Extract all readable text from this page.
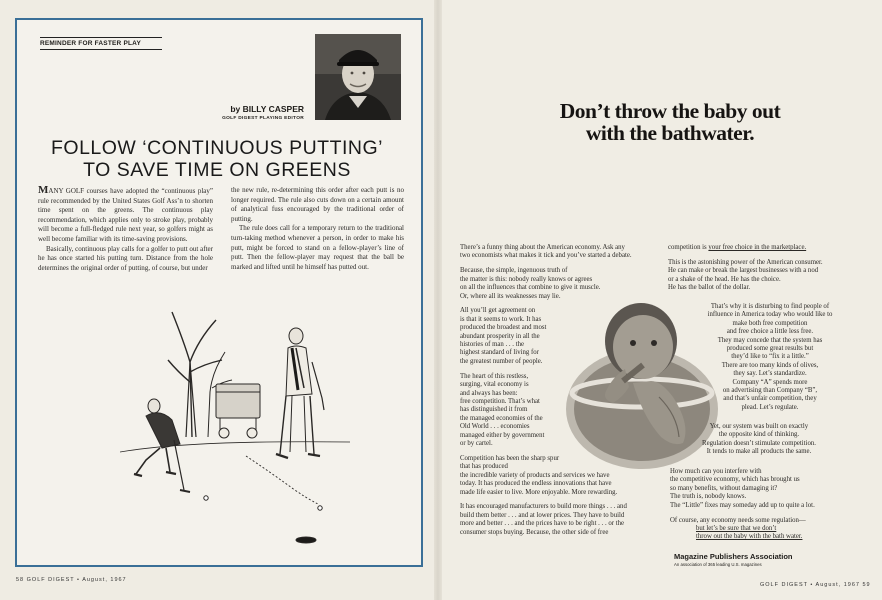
REMINDER FOR FASTER PLAY
by BILLY CASPER
GOLF DIGEST PLAYING EDITOR
FOLLOW ‘CONTINUOUS PUTTING’
TO SAVE TIME ON GREENS

MANY GOLF courses have adopted the “continuous play” rule recommended by the United States Golf Ass’n to shorten time spent on the greens. The continuous play recommendation, which applies only to stroke play, probably will become a full-fledged rule next year, so golfers might as well become familiar with its time-saving provisions.

Basically, continuous play calls for a golfer to putt out after he has once started his putting turn. Distance from the hole determines the original order of putting, of course, but under

the new rule, re-determining this order after each putt is no longer required. The rule also cuts down on a certain amount of analytical fuss encouraged by the traditional order of putting.

The rule does call for a temporary return to the traditional turn-taking method whenever a person, in order to make his putt, might be forced to stand on a fellow-player’s line of putt. Then the fellow-player may request that the ball be marked and lifted until he himself has putted out.

58 GOLF DIGEST • August, 1967
Don’t throw the baby out
with the bathwater.

There’s a funny thing about the American economy. Ask any
two economists what makes it tick and you’ve started a debate.

Because, the simple, ingenuous truth of
the matter is this: nobody really knows or agrees
on all the influences that combine to give it muscle.
Or, where all its weaknesses may lie.

All you’ll get agreement on
is that it seems to work. It has
produced the broadest and most
abundant prosperity in all the
histories of man . . . the
highest standard of living for
the greatest number of people.

The heart of this restless,
surging, vital economy is
and always has been:
free competition. That’s what
has distinguished it from
the managed economies of the
Old World . . . economies
managed either by government
or by cartel.

Competition has been the sharp spur
that has produced
the incredible variety of products and services we have
today. It has produced the endless innovations that have
made life easier to live. More enjoyable. More rewarding.

It has encouraged manufacturers to build more things . . . and
build them better . . . and at lower prices. They have to build
more and better . . . and the prices have to be right . . . or the
consumer stops buying. Because, the other side of free

competition is your free choice in the marketplace.

This is the astonishing power of the American consumer.
He can make or break the largest businesses with a nod
or a shake of the head. He has the choice.
He has the ballot of the dollar.

That’s why it is disturbing to find people of
influence in America today who would like to
make both free competition
and free choice a little less free.
They may concede that the system has
produced some great results but
they’d like to “fix it a little.”
There are too many kinds of olives,
they say. Let’s standardize.
Company “A” spends more
on advertising than Company “B”,
and that’s unfair competition, they
plead. Let’s regulate.

Yet, our system was built on exactly
the opposite kind of thinking.
Regulation doesn’t stimulate competition.
It tends to make all products the same.

How much can you interfere with
the competitive economy, which has brought us
so many benefits, without damaging it?
The truth is, nobody knows.
The “Little” fixes may someday add up to quite a lot.

Of course, any economy needs some regulation—
but let’s be sure that we don’t
throw out the baby with the bath water.

Magazine Publishers Association
An association of 365 leading U.S. magazines
GOLF DIGEST • August, 1967 59
